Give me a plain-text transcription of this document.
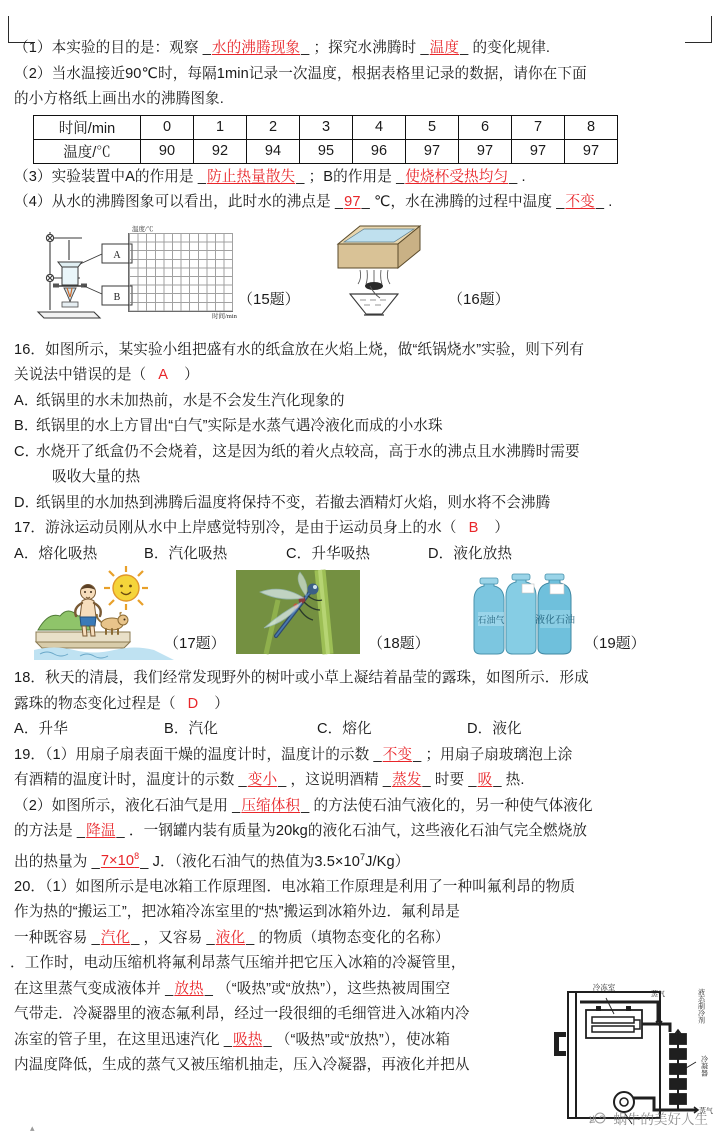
（1）本实验的目的是：观察 _水的沸腾现象_ ；探究水沸腾时 _温度_ 的变化规律.
（2）当水温接近90℃时，每隔1min记录一次温度，根据表格里记录的数据，请你在下面
的小方格纸上画出水的沸腾图象.
时间/min	0	1	2	3	4	5	6	7	8
温度/℃	90	92	94	95	96	97	97	97	97
（3）实验装置中A的作用是 _防止热量散失_ ；B的作用是 _使烧杯受热均匀_ .
（4）从水的沸腾图象可以看出，此时水的沸点是 _97_ ℃，水在沸腾的过程中温度 _不变_ .
A
B
温度/℃
时间/min
（15题）	（16题）
16．如图所示，某实验小组把盛有水的纸盒放在火焰上烧，做“纸锅烧水”实验，则下列有
关说法中错误的是（ A ）
A．纸锅里的水未加热前，水是不会发生汽化现象的
B．纸锅里的水上方冒出“白气”实际是水蒸气遇冷液化而成的小水珠
C．水烧开了纸盒仍不会烧着，这是因为纸的着火点较高，高于水的沸点且水沸腾时需要
吸收大量的热
D．纸锅里的水加热到沸腾后温度将保持不变，若撤去酒精灯火焰，则水将不会沸腾
17．游泳运动员刚从水中上岸感觉特别冷，是由于运动员身上的水（ B ）
A．熔化吸热	B．汽化吸热	C．升华吸热	D．液化放热
（17题）	（18题）
石油气	液化石油
（19题）
18．秋天的清晨，我们经常发现野外的树叶或小草上凝结着晶莹的露珠，如图所示．形成
露珠的物态变化过程是（ D ）
A．升华	B．汽化	C．熔化	D．液化
19．（1）用扇子扇表面干燥的温度计时，温度计的示数 _不变_ ；用扇子扇玻璃泡上涂
有酒精的温度计时，温度计的示数 _变小_ ，这说明酒精 _蒸发_ 时要 _吸_ 热.
（2）如图所示，液化石油气是用 _压缩体积_ 的方法使石油气液化的，另一种使气体液化
的方法是 _降温_ ．一钢罐内装有质量为20kg的液化石油气，这些液化石油气完全燃烧放
出的热量为 $\_7\times 10^8\_$ J．（液化石油气的热值为$3.5\times 10^7J/Kg$）
20．（1）如图所示是电冰箱工作原理图．电冰箱工作原理是利用了一种叫氟利昂的物质
作为热的“搬运工”，把冰箱冷冻室里的“热”搬运到冰箱外边．氟利昂是
一种既容易 _汽化_ ，又容易 _液化_ 的物质（填物态变化的名称）
．工作时，电动压缩机将氟利昂蒸气压缩并把它压入冰箱的冷凝管里，
在这里蒸气变成液体并 _放热_ （“吸热”或“放热”），这些热被周围空
气带走．冷凝器里的液态氟利昂，经过一段很细的毛细管进入冰箱内冷
冻室的管子里，在这里迅速汽化 _吸热_ （“吸热”或“放热”），使冰箱
内温度降低，生成的蒸气又被压缩机抽走，压入冷凝器，再液化并把从
冷冻室
蒸气	液态制冷剂
冷凝器
蒸气
蜗牛的美好人生
▴
